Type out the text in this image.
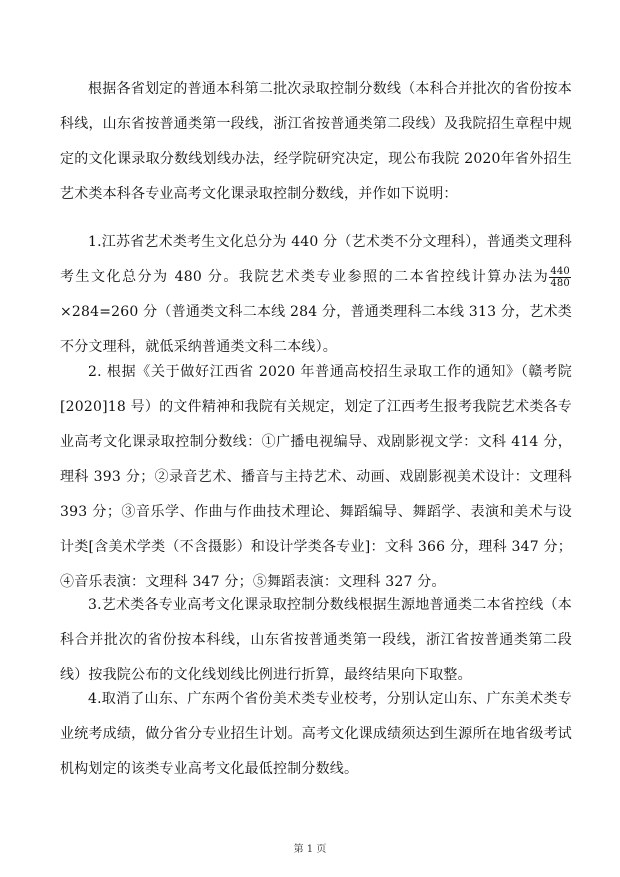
根据各省划定的普通本科第二批次录取控制分数线（本科合并批次的省份按本科线，山东省按普通类第一段线，浙江省按普通类第二段线）及我院招生章程中规定的文化课录取分数线划线办法，经学院研究决定，现公布我院 2020年省外招生艺术类本科各专业高考文化课录取控制分数线，并作如下说明：

1.江苏省艺术类考生文化总分为 440 分（艺术类不分文理科），普通类文理科考生文化总分为 480 分。我院艺术类专业参照的二本省控线计算办法为 $\frac{440}{480}$
×284=260 分（普通类文科二本线 284 分，普通类理科二本线 313 分，艺术类不分文理科，就低采纳普通类文科二本线）。

2. 根据《关于做好江西省 2020 年普通高校招生录取工作的通知》（赣考院[2020]18 号）的文件精神和我院有关规定，划定了江西考生报考我院艺术类各专业高考文化课录取控制分数线：①广播电视编导、戏剧影视文学：文科 414 分，理科 393 分；②录音艺术、播音与主持艺术、动画、戏剧影视美术设计：文理科 393 分；③音乐学、作曲与作曲技术理论、舞蹈编导、舞蹈学、表演和美术与设计类[含美术学类（不含摄影）和设计学类各专业]：文科 366 分，理科 347 分；④音乐表演：文理科 347 分；⑤舞蹈表演：文理科 327 分。

3.艺术类各专业高考文化课录取控制分数线根据生源地普通类二本省控线（本科合并批次的省份按本科线，山东省按普通类第一段线，浙江省按普通类第二段线）按我院公布的文化线划线比例进行折算，最终结果向下取整。

4.取消了山东、广东两个省份美术类专业校考，分别认定山东、广东美术类专业统考成绩，做分省分专业招生计划。高考文化课成绩须达到生源所在地省级考试机构划定的该类专业高考文化最低控制分数线。

第 1 页
